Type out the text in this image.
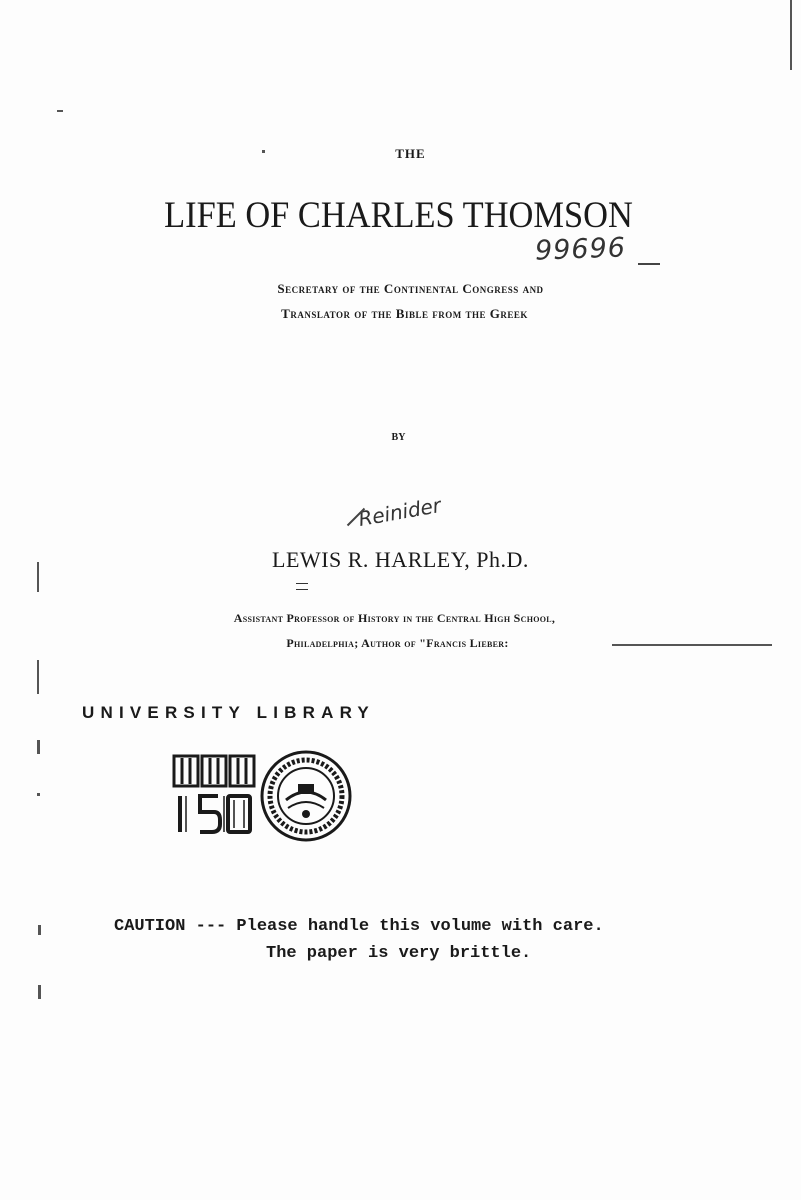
THE
LIFE OF CHARLES THOMSON
99696
Secretary of the Continental Congress and
Translator of the Bible from the Greek
BY
Reinider
LEWIS R. HARLEY, Ph.D.
Assistant Professor of History in the Central High School,
Philadelphia; Author of "Francis Lieber:
UNIVERSITY LIBRARY
CAUTION --- Please handle this volume with care.
The paper is very brittle.
